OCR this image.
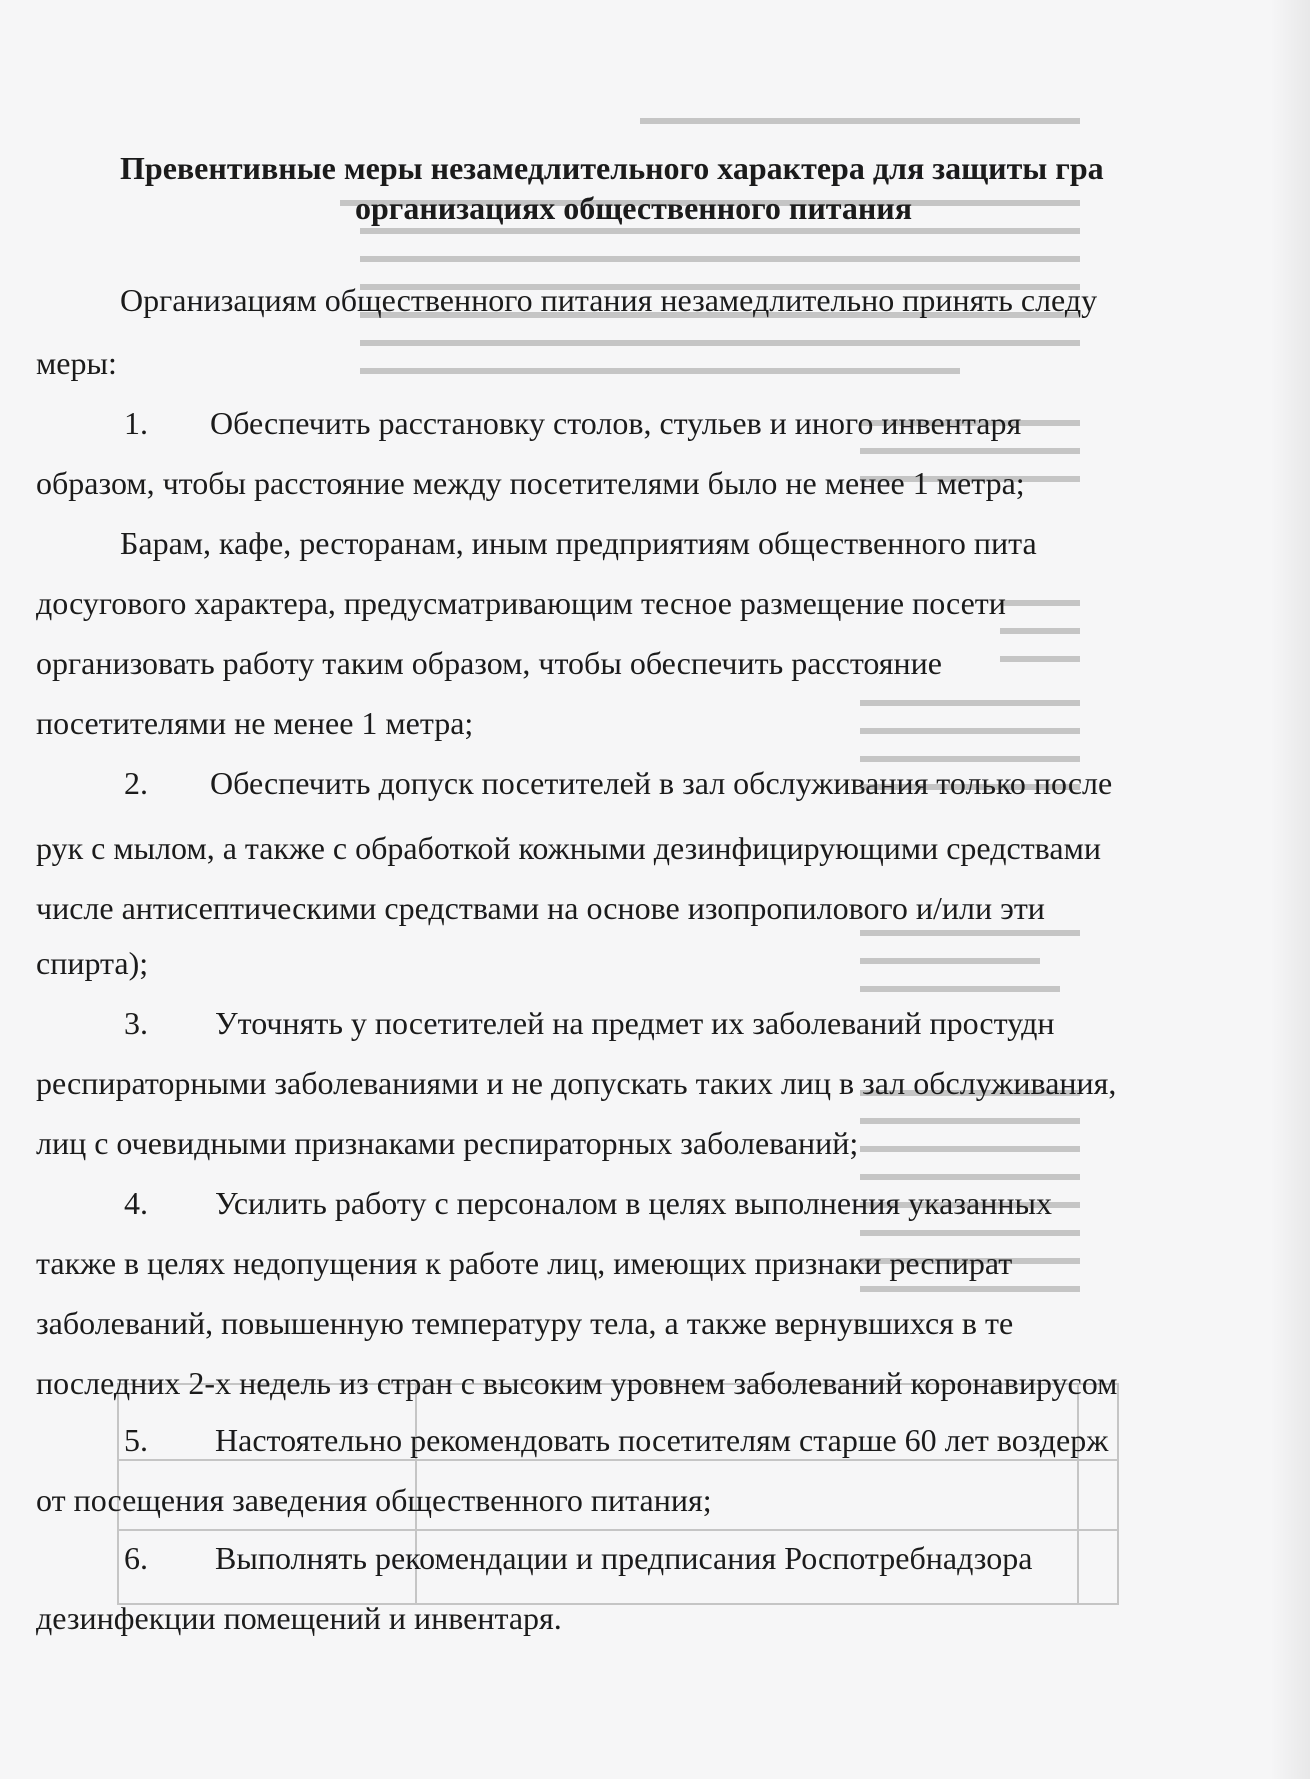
Превентивные меры незамедлительного характера для защиты гра

организациях общественного питания

Организациям общественного питания незамедлительно принять следу

меры:

1. Обеспечить расстановку столов, стульев и иного инвентаря

образом, чтобы расстояние между посетителями было не менее 1 метра;

Барам, кафе, ресторанам, иным предприятиям общественного пита

досугового характера, предусматривающим тесное размещение посети

организовать работу таким образом, чтобы обеспечить расстояние

посетителями не менее 1 метра;

2. Обеспечить допуск посетителей в зал обслуживания только после

рук с мылом, а также с обработкой кожными дезинфицирующими средствами

числе антисептическими средствами на основе изопропилового и/или эти

спирта);

3. Уточнять у посетителей на предмет их заболеваний простудн

респираторными заболеваниями и не допускать таких лиц в зал обслуживания,

лиц с очевидными признаками респираторных заболеваний;

4. Усилить работу с персоналом в целях выполнения указанных

также в целях недопущения к работе лиц, имеющих признаки респират

заболеваний, повышенную температуру тела, а также вернувшихся в те

последних 2-х недель из стран с высоким уровнем заболеваний коронавирусом

5. Настоятельно рекомендовать посетителям старше 60 лет воздерж

от посещения заведения общественного питания;

6. Выполнять рекомендации и предписания Роспотребнадзора

дезинфекции помещений и инвентаря.
